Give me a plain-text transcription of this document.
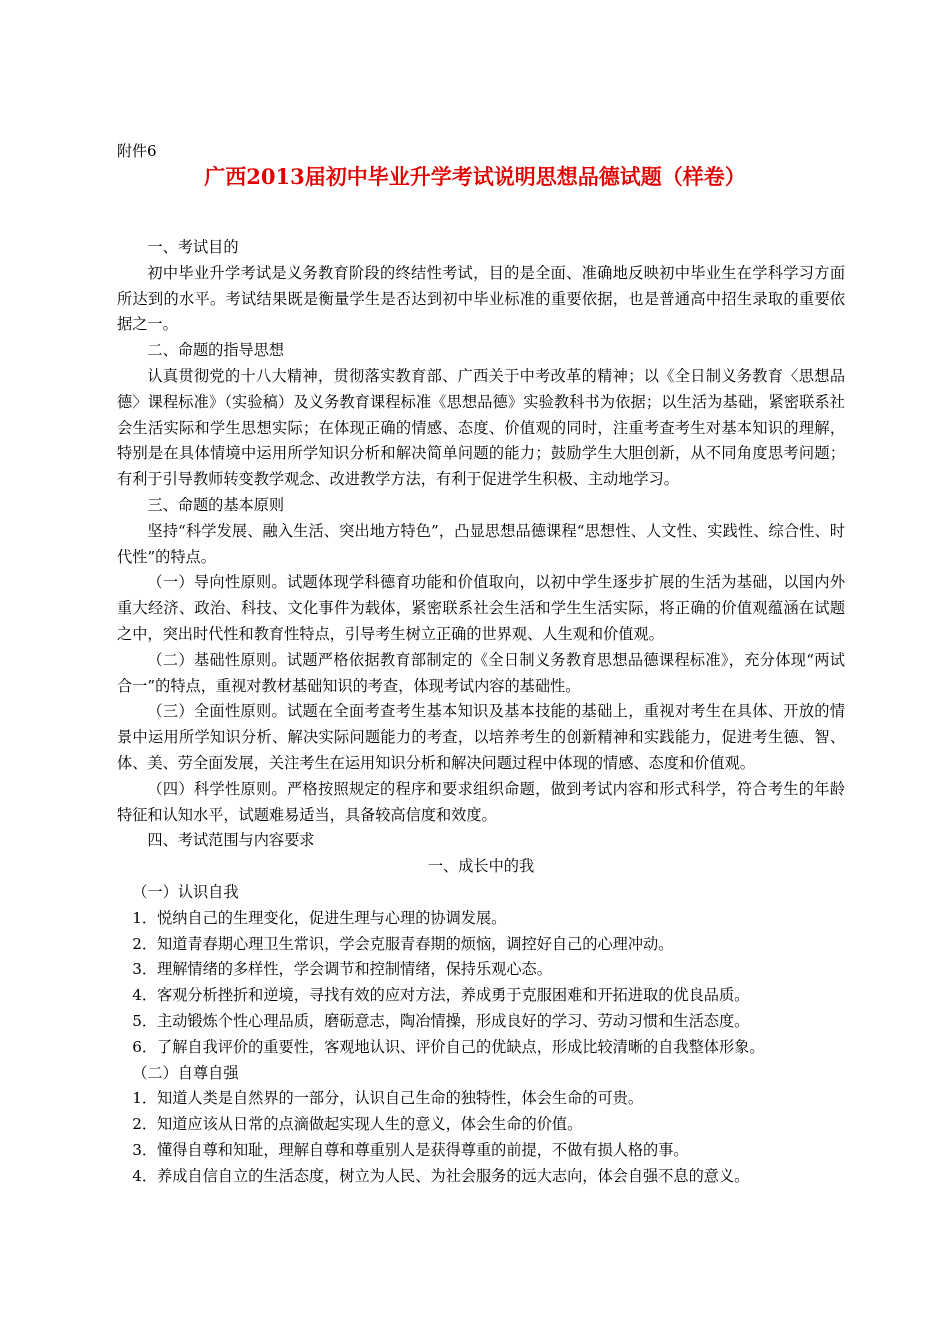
附件6
广西2013届初中毕业升学考试说明思想品德试题（样卷）

一、考试目的

初中毕业升学考试是义务教育阶段的终结性考试，目的是全面、准确地反映初中毕业生在学科学习方面所达到的水平。考试结果既是衡量学生是否达到初中毕业标准的重要依据，也是普通高中招生录取的重要依据之一。

二、命题的指导思想

认真贯彻党的十八大精神，贯彻落实教育部、广西关于中考改革的精神；以《全日制义务教育〈思想品德〉课程标准》（实验稿）及义务教育课程标准《思想品德》实验教科书为依据；以生活为基础，紧密联系社会生活实际和学生思想实际；在体现正确的情感、态度、价值观的同时，注重考查考生对基本知识的理解，特别是在具体情境中运用所学知识分析和解决简单问题的能力；鼓励学生大胆创新，从不同角度思考问题；有利于引导教师转变教学观念、改进教学方法，有利于促进学生积极、主动地学习。

三、命题的基本原则

坚持“科学发展、融入生活、突出地方特色”，凸显思想品德课程“思想性、人文性、实践性、综合性、时代性”的特点。

（一）导向性原则。试题体现学科德育功能和价值取向，以初中学生逐步扩展的生活为基础，以国内外重大经济、政治、科技、文化事件为载体，紧密联系社会生活和学生生活实际，将正确的价值观蕴涵在试题之中，突出时代性和教育性特点，引导考生树立正确的世界观、人生观和价值观。

（二）基础性原则。试题严格依据教育部制定的《全日制义务教育思想品德课程标准》，充分体现“两试合一”的特点，重视对教材基础知识的考查，体现考试内容的基础性。

（三）全面性原则。试题在全面考查考生基本知识及基本技能的基础上，重视对考生在具体、开放的情景中运用所学知识分析、解决实际问题能力的考查，以培养考生的创新精神和实践能力，促进考生德、智、体、美、劳全面发展，关注考生在运用知识分析和解决问题过程中体现的情感、态度和价值观。

（四）科学性原则。严格按照规定的程序和要求组织命题，做到考试内容和形式科学，符合考生的年龄特征和认知水平，试题难易适当，具备较高信度和效度。

四、考试范围与内容要求

一、成长中的我

（一）认识自我

1．悦纳自己的生理变化，促进生理与心理的协调发展。

2．知道青春期心理卫生常识，学会克服青春期的烦恼，调控好自己的心理冲动。

3．理解情绪的多样性，学会调节和控制情绪，保持乐观心态。

4．客观分析挫折和逆境，寻找有效的应对方法，养成勇于克服困难和开拓进取的优良品质。

5．主动锻炼个性心理品质，磨砺意志，陶冶情操，形成良好的学习、劳动习惯和生活态度。

6．了解自我评价的重要性，客观地认识、评价自己的优缺点，形成比较清晰的自我整体形象。

（二）自尊自强

1．知道人类是自然界的一部分，认识自己生命的独特性，体会生命的可贵。

2．知道应该从日常的点滴做起实现人生的意义，体会生命的价值。

3．懂得自尊和知耻，理解自尊和尊重别人是获得尊重的前提，不做有损人格的事。

4．养成自信自立的生活态度，树立为人民、为社会服务的远大志向，体会自强不息的意义。
